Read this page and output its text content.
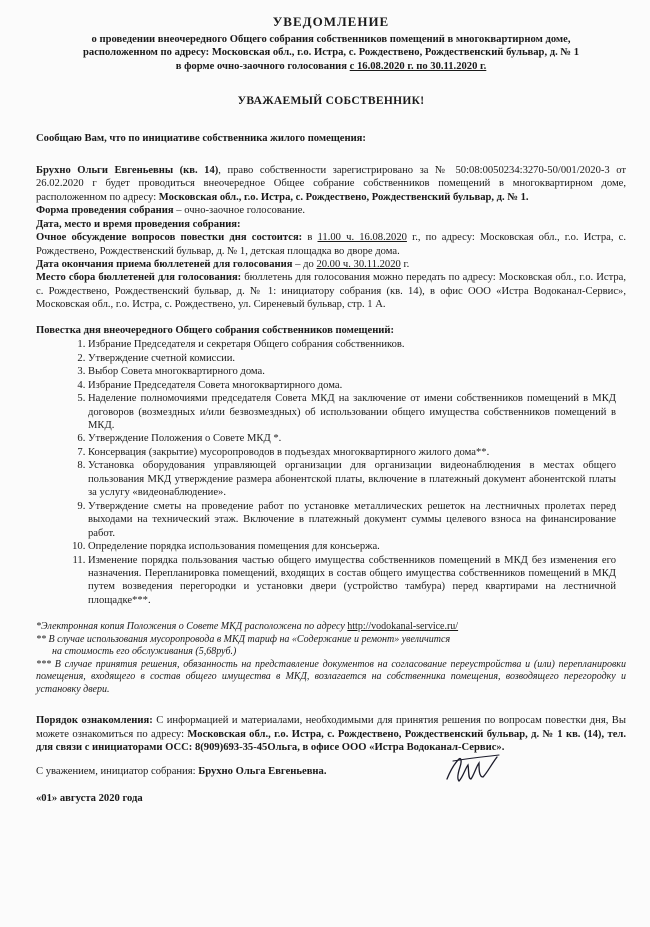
УВЕДОМЛЕНИЕ
о проведении внеочередного Общего собрания собственников помещений в многоквартирном доме,
расположенном по адресу: Московская обл., г.о. Истра, с. Рождествено, Рождественский бульвар, д. № 1
в форме очно-заочного голосования с 16.08.2020 г. по 30.11.2020 г.
УВАЖАЕМЫЙ СОБСТВЕННИК!

Сообщаю Вам, что по инициативе собственника жилого помещения:

Брухно Ольги Евгеньевны (кв. 14), право собственности зарегистрировано за № 50:08:0050234:3270-50/001/2020-3 от 26.02.2020 г будет проводиться внеочередное Общее собрание собственников помещений в многоквартирном доме, расположенном по адресу: Московская обл., г.о. Истра, с. Рождествено, Рождественский бульвар, д. № 1.

Форма проведения собрания – очно-заочное голосование.

Дата, место и время проведения собрания:

Очное обсуждение вопросов повестки дня состоится: в 11.00 ч. 16.08.2020 г., по адресу: Московская обл., г.о. Истра, с. Рождествено, Рождественский бульвар, д. № 1, детская площадка во дворе дома.

Дата окончания приема бюллетеней для голосования – до 20.00 ч. 30.11.2020 г.

Место сбора бюллетеней для голосования: бюллетень для голосования можно передать по адресу: Московская обл., г.о. Истра, с. Рождествено, Рождественский бульвар, д. № 1: инициатору собрания (кв. 14), в офис ООО «Истра Водоканал-Сервис», Московская обл., г.о. Истра, с. Рождествено, ул. Сиреневый бульвар, стр. 1 А.

Повестка дня внеочередного Общего собрания собственников помещений:

1. Избрание Председателя и секретаря Общего собрания собственников.
2. Утверждение счетной комиссии.
3. Выбор Совета многоквартирного дома.
4. Избрание Председателя Совета многоквартирного дома.
5. Наделение полномочиями председателя Совета МКД на заключение от имени собственников помещений в МКД договоров (возмездных и/или безвозмездных) об использовании общего имущества собственников помещений в МКД.
6. Утверждение Положения о Совете МКД *.
7. Консервация (закрытие) мусоропроводов в подъездах многоквартирного жилого дома**.
8. Установка оборудования управляющей организации для организации видеонаблюдения в местах общего пользования МКД утверждение размера абонентской платы, включение в платежный документ абонентской платы за услугу «видеонаблюдение».
9. Утверждение сметы на проведение работ по установке металлических решеток на лестничных пролетах перед выходами на технический этаж. Включение в платежный документ суммы целевого взноса на финансирование работ.
10. Определение порядка использования помещения для консьержа.
11. Изменение порядка пользования частью общего имущества собственников помещений в МКД без изменения его назначения. Перепланировка помещений, входящих в состав общего имущества собственников помещений в МКД путем возведения перегородки и установки двери (устройство тамбура) перед квартирами на лестничной площадке***.
*Электронная копия Положения о Совете МКД расположена по адресу http://vodokanal-service.ru/
** В случае использования мусоропровода в МКД тариф на «Содержание и ремонт» увеличится
на стоимость его обслуживания (5,68руб.)
*** В случае принятия решения, обязанность на представление документов на согласование переустройства и (или) перепланировки помещения, входящего в состав общего имущества в МКД, возлагается на собственника помещения, возводящего перегородку и установку двери.

Порядок ознакомления: С информацией и материалами, необходимыми для принятия решения по вопросам повестки дня, Вы можете ознакомиться по адресу: Московская обл., г.о. Истра, с. Рождествено, Рождественский бульвар, д. № 1 кв. (14), тел. для связи с инициаторами ОСС: 8(909)693-35-45Ольга, в офисе ООО «Истра Водоканал-Сервис».

С уважением, инициатор собрания: Брухно Ольга Евгеньевна.

«01» августа 2020 года
